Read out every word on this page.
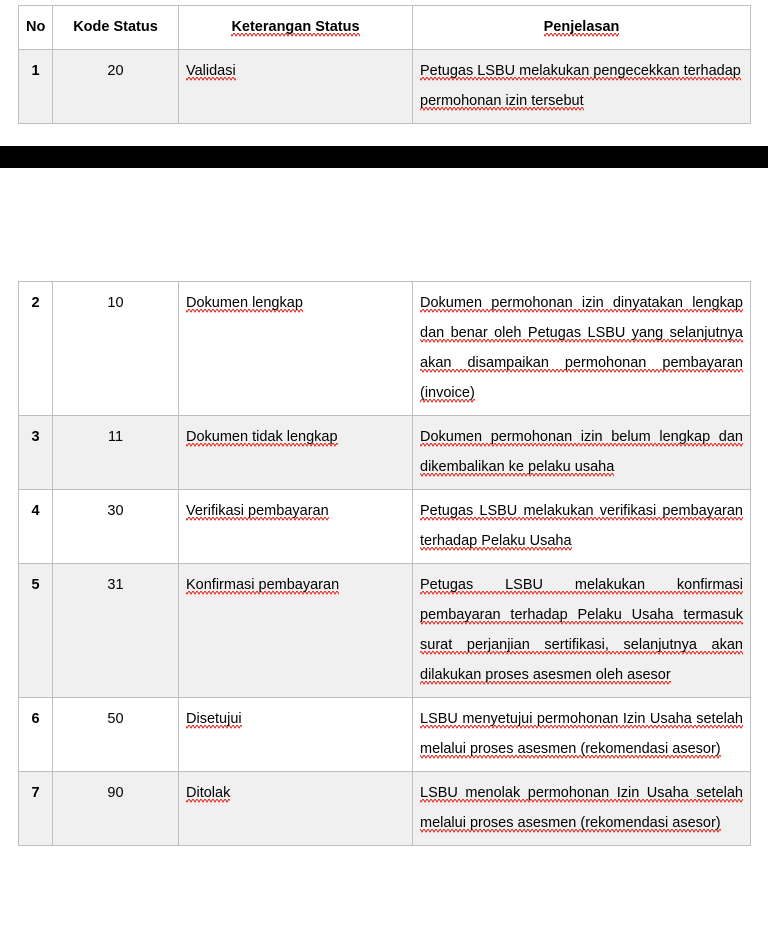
No	Kode Status	Keterangan Status	Penjelasan
1	20	Validasi	Petugas LSBU melakukan pengecekkan terhadap permohonan izin tersebut
2	10	Dokumen lengkap	Dokumen permohonan izin dinyatakan lengkap dan benar oleh Petugas LSBU yang selanjutnya akan disampaikan permohonan pembayaran (invoice)
3	11	Dokumen tidak lengkap	Dokumen permohonan izin belum lengkap dan dikembalikan ke pelaku usaha
4	30	Verifikasi pembayaran	Petugas LSBU melakukan verifikasi pembayaran terhadap Pelaku Usaha
5	31	Konfirmasi pembayaran	Petugas LSBU melakukan konfirmasi pembayaran terhadap Pelaku Usaha termasuk surat perjanjian sertifikasi, selanjutnya akan dilakukan proses asesmen oleh asesor
6	50	Disetujui	LSBU menyetujui permohonan Izin Usaha setelah melalui proses asesmen (rekomendasi asesor)
7	90	Ditolak	LSBU menolak permohonan Izin Usaha setelah melalui proses asesmen (rekomendasi asesor)
